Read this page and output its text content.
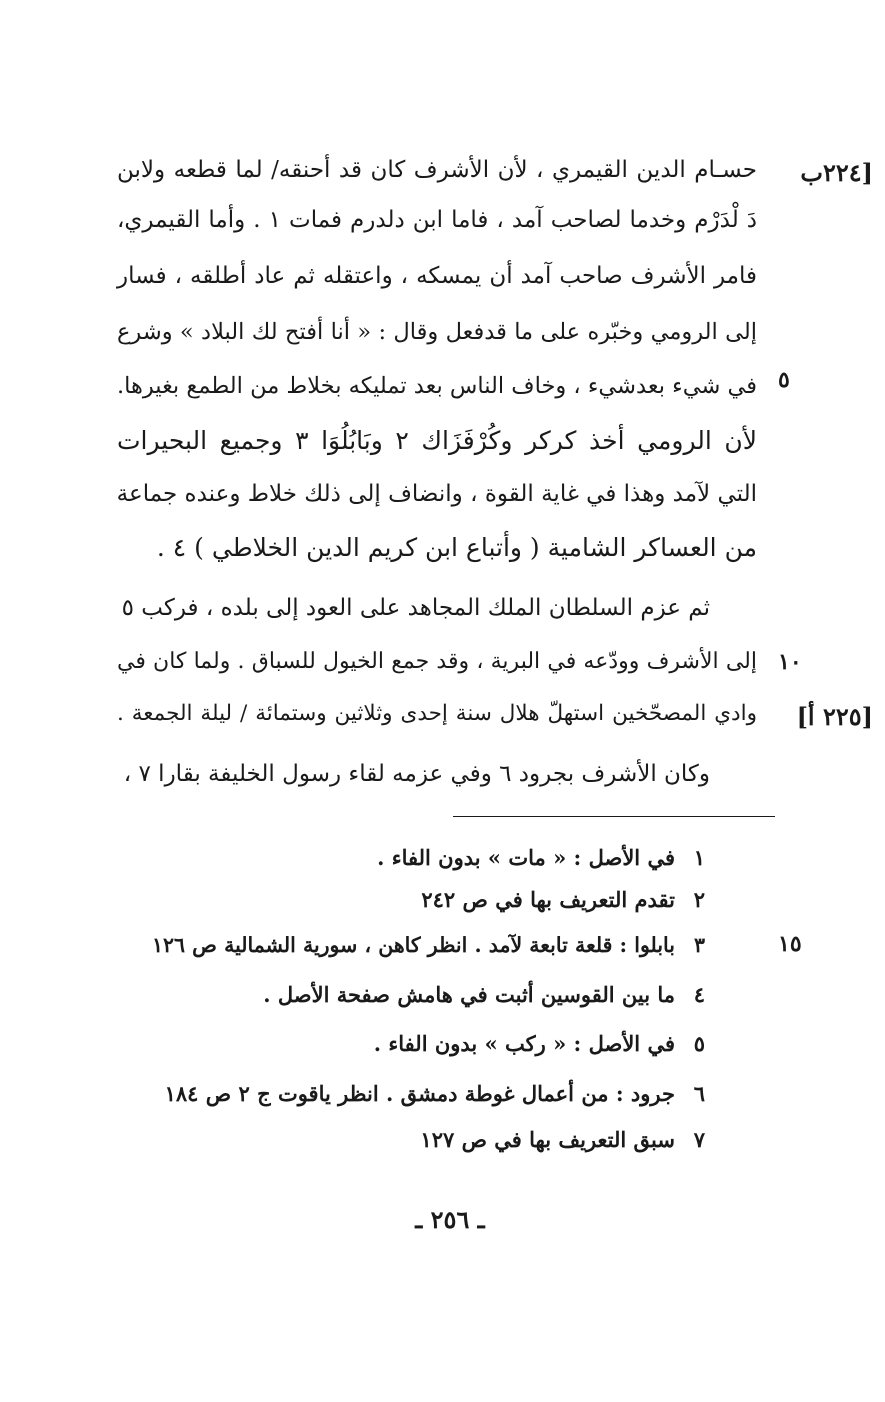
حسـام الدين القيمري ، لأن الأشرف كان قد أحنقه/ لما قطعه ولابن
دَ لْدَرْم وخدما لصاحب آمد ، فاما ابن دلدرم فمات ١ . وأما القيمري،
فامر الأشرف صاحب آمد أن يمسكه ، واعتقله ثم عاد أطلقه ، فسار
إلى الرومي وخبّره على ما قدفعل وقال : « أنا أفتح لك البلاد » وشرع
في شيء بعدشيء ، وخاف الناس بعد تمليكه بخلاط من الطمع بغيرها.
لأن الرومي أخذ كركر وكُرْفَزَاك ٢ وبَابُلُوَا ٣ وجميع البحيرات
التي لآمد وهذا في غاية القوة ، وانضاف إلى ذلك خلاط وعنده جماعة
من العساكر الشامية ( وأتباع ابن كريم الدين الخلاطي ) ٤ .
ثم عزم السلطان الملك المجاهد على العود إلى بلده ، فركب ٥
إلى الأشرف وودّعه في البرية ، وقد جمع الخيول للسباق . ولما كان في
وادي المصحّخين استهلّ هلال سنة إحدى وثلاثين وستمائة / ليلة الجمعة .
وكان الأشرف بجرود ٦ وفي عزمه لقاء رسول الخليفة بقارا ٧ ،
[٢٢٤ب
[٢٢٥ أ]
٥
١٠
١٥
١في الأصل : « مات » بدون الفاء .
٢تقدم التعريف بها في ص ٢٤٢
٣بابلوا : قلعة تابعة لآمد . انظر كاهن ، سورية الشمالية ص ١٢٦
٤ما بين القوسين أثبت في هامش صفحة الأصل .
٥في الأصل : « ركب » بدون الفاء .
٦جرود : من أعمال غوطة دمشق . انظر ياقوت ج ٢ ص ١٨٤
٧سبق التعريف بها في ص ١٢٧
ـ ٢٥٦ ـ
